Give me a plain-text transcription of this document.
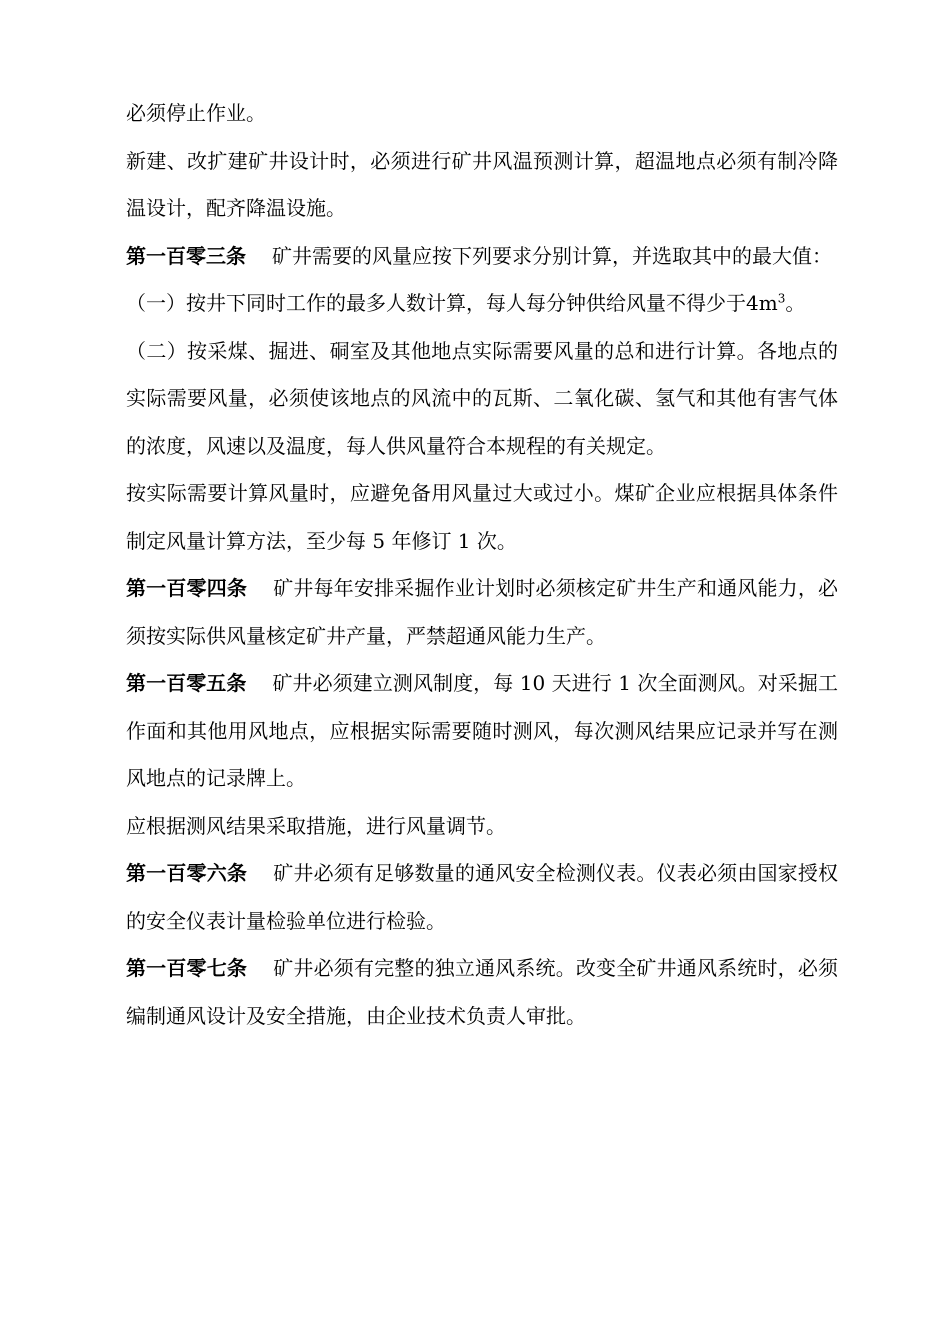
必须停止作业。

新建、改扩建矿井设计时，必须进行矿井风温预测计算，超温地点必须有制冷降温设计，配齐降温设施。

第一百零三条 矿井需要的风量应按下列要求分别计算，并选取其中的最大值：

（一）按井下同时工作的最多人数计算，每人每分钟供给风量不得少于$4m^3$。

（二）按采煤、掘进、硐室及其他地点实际需要风量的总和进行计算。各地点的实际需要风量，必须使该地点的风流中的瓦斯、二氧化碳、氢气和其他有害气体的浓度，风速以及温度，每人供风量符合本规程的有关规定。

按实际需要计算风量时，应避免备用风量过大或过小。煤矿企业应根据具体条件制定风量计算方法，至少每 5 年修订 1 次。

第一百零四条 矿井每年安排采掘作业计划时必须核定矿井生产和通风能力，必须按实际供风量核定矿井产量，严禁超通风能力生产。

第一百零五条 矿井必须建立测风制度，每 10 天进行 1 次全面测风。对采掘工作面和其他用风地点，应根据实际需要随时测风，每次测风结果应记录并写在测风地点的记录牌上。

应根据测风结果采取措施，进行风量调节。

第一百零六条 矿井必须有足够数量的通风安全检测仪表。仪表必须由国家授权的安全仪表计量检验单位进行检验。

第一百零七条 矿井必须有完整的独立通风系统。改变全矿井通风系统时，必须编制通风设计及安全措施，由企业技术负责人审批。
